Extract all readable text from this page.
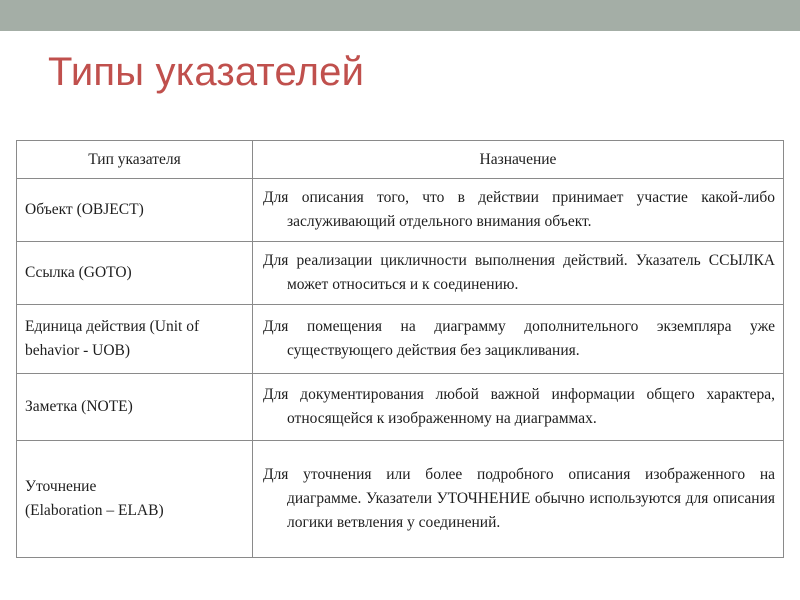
Типы указателей
Тип указателя	Назначение
Объект (OBJECT)	Для описания того, что в действии принимает участие какой-либо заслуживающий отдельного внимания объект.

Ссылка (GOTO)	Для реализации цикличности выполнения действий. Указатель ССЫЛКА может относиться и к соединению.

Единица действия (Unit of behavior - UOB)	Для помещения на диаграмму дополнительного экземпляра уже существующего действия без зацикливания.

Заметка (NOTE)	Для документирования любой важной информации общего характера, относящейся к изображенному на диаграммах.

Уточнение
(Elaboration – ELAB)	Для уточнения или более подробного описания изображенного на диаграмме. Указатели УТОЧНЕНИЕ обычно используются для описания логики ветвления у соединений.
